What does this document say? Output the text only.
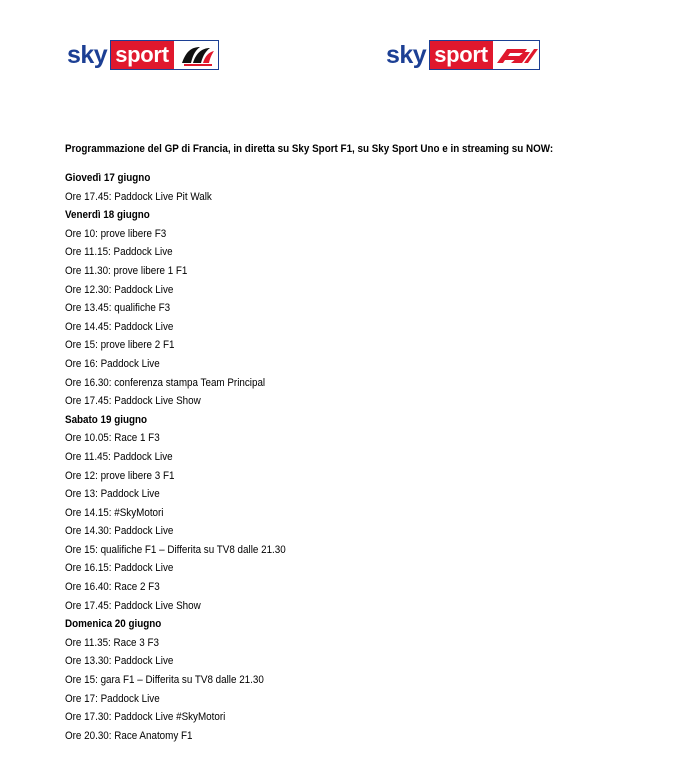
sky sport	sky sport
Programmazione del GP di Francia, in diretta su Sky Sport F1, su Sky Sport Uno e in streaming su NOW:
Giovedì 17 giugno
Ore 17.45: Paddock Live Pit Walk
Venerdì 18 giugno
Ore 10: prove libere F3
Ore 11.15: Paddock Live
Ore 11.30: prove libere 1 F1
Ore 12.30: Paddock Live
Ore 13.45: qualifiche F3
Ore 14.45: Paddock Live
Ore 15: prove libere 2 F1
Ore 16: Paddock Live
Ore 16.30: conferenza stampa Team Principal
Ore 17.45: Paddock Live Show
Sabato 19 giugno
Ore 10.05: Race 1 F3
Ore 11.45: Paddock Live
Ore 12: prove libere 3 F1
Ore 13: Paddock Live
Ore 14.15: #SkyMotori
Ore 14.30: Paddock Live
Ore 15: qualifiche F1 – Differita su TV8 dalle 21.30
Ore 16.15: Paddock Live
Ore 16.40: Race 2 F3
Ore 17.45: Paddock Live Show
Domenica 20 giugno
Ore 11.35: Race 3 F3
Ore 13.30: Paddock Live
Ore 15: gara F1 – Differita su TV8 dalle 21.30
Ore 17: Paddock Live
Ore 17.30: Paddock Live #SkyMotori
Ore 20.30: Race Anatomy F1
